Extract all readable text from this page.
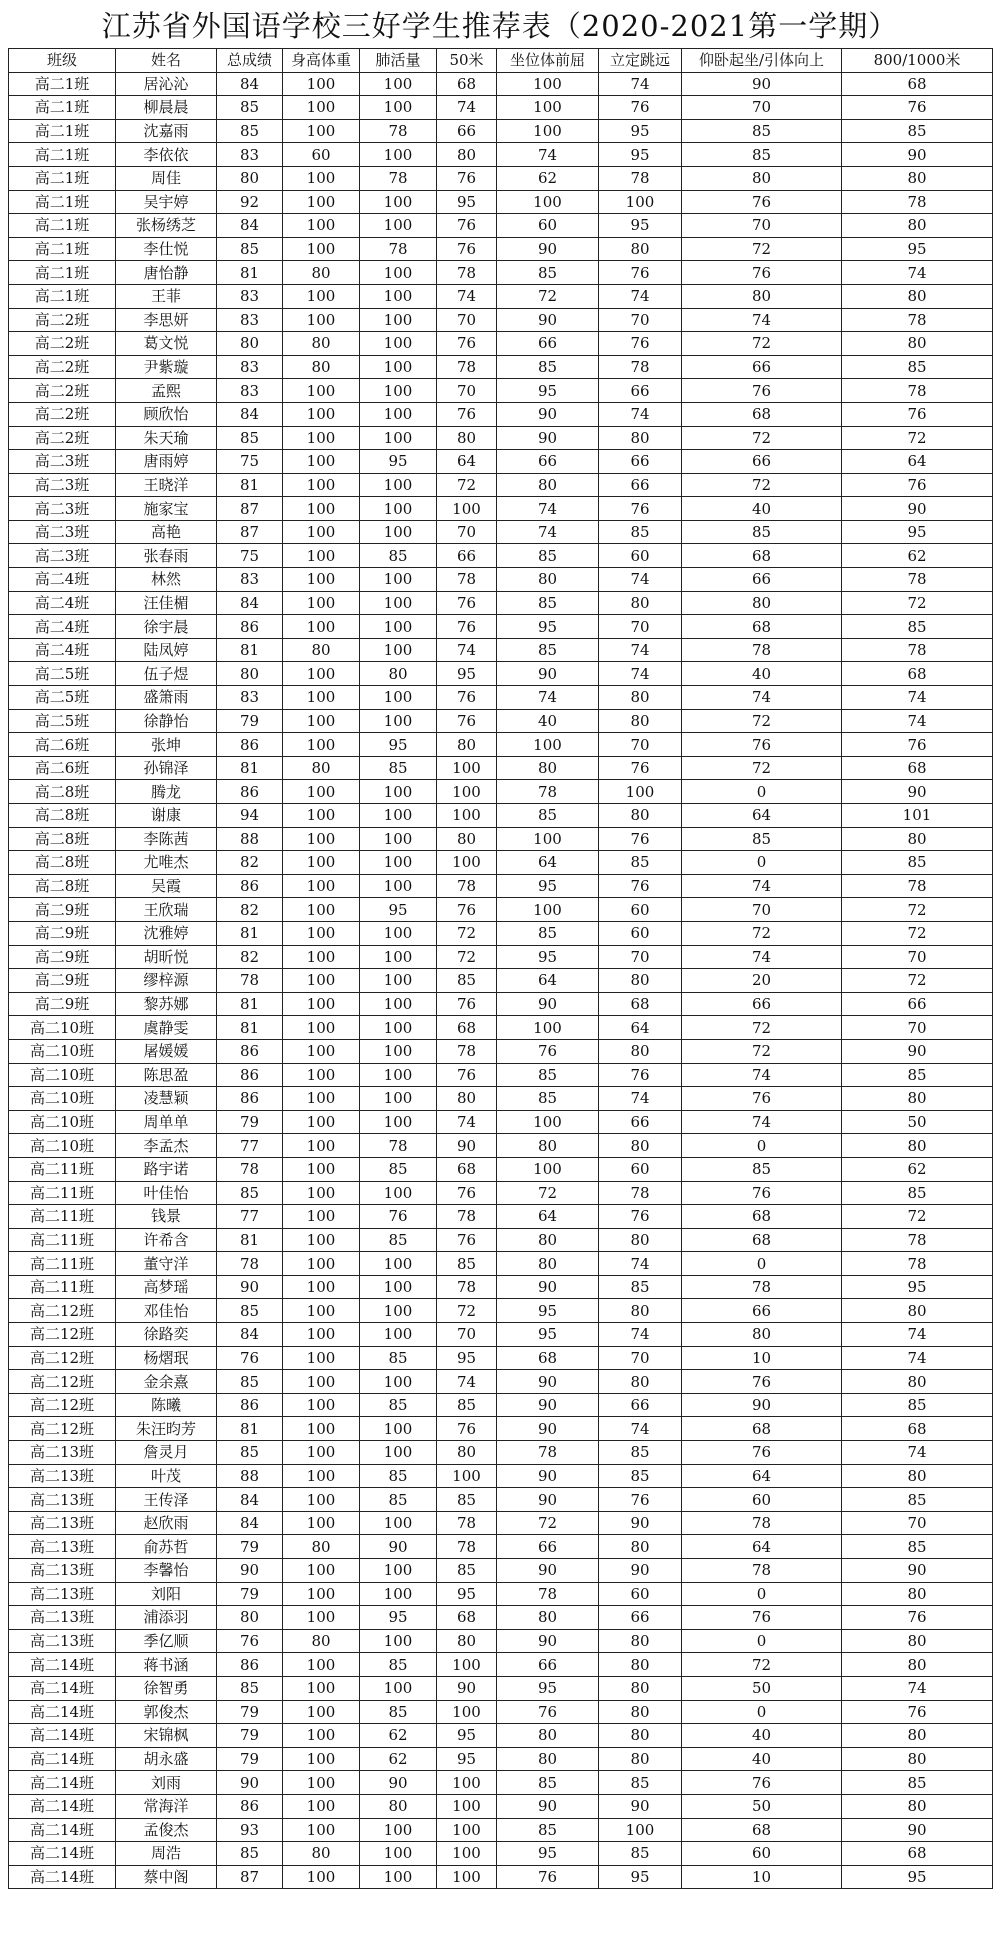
江苏省外国语学校三好学生推荐表（2020-2021第一学期）
班级	姓名	总成绩	身高体重	肺活量	50米	坐位体前屈	立定跳远	仰卧起坐/引体向上	800/1000米
高二1班	居沁沁	84	100	100	68	100	74	90	68
高二1班	柳晨晨	85	100	100	74	100	76	70	76
高二1班	沈嘉雨	85	100	78	66	100	95	85	85
高二1班	李依依	83	60	100	80	74	95	85	90
高二1班	周佳	80	100	78	76	62	78	80	80
高二1班	吴宇婷	92	100	100	95	100	100	76	78
高二1班	张杨绣芝	84	100	100	76	60	95	70	80
高二1班	李仕悦	85	100	78	76	90	80	72	95
高二1班	唐怡静	81	80	100	78	85	76	76	74
高二1班	王菲	83	100	100	74	72	74	80	80
高二2班	李思妍	83	100	100	70	90	70	74	78
高二2班	葛文悦	80	80	100	76	66	76	72	80
高二2班	尹紫璇	83	80	100	78	85	78	66	85
高二2班	孟熙	83	100	100	70	95	66	76	78
高二2班	顾欣怡	84	100	100	76	90	74	68	76
高二2班	朱天瑜	85	100	100	80	90	80	72	72
高二3班	唐雨婷	75	100	95	64	66	66	66	64
高二3班	王晓洋	81	100	100	72	80	66	72	76
高二3班	施家宝	87	100	100	100	74	76	40	90
高二3班	高艳	87	100	100	70	74	85	85	95
高二3班	张春雨	75	100	85	66	85	60	68	62
高二4班	林然	83	100	100	78	80	74	66	78
高二4班	汪佳楣	84	100	100	76	85	80	80	72
高二4班	徐宇晨	86	100	100	76	95	70	68	85
高二4班	陆凤婷	81	80	100	74	85	74	78	78
高二5班	伍子煜	80	100	80	95	90	74	40	68
高二5班	盛箫雨	83	100	100	76	74	80	74	74
高二5班	徐静怡	79	100	100	76	40	80	72	74
高二6班	张坤	86	100	95	80	100	70	76	76
高二6班	孙锦泽	81	80	85	100	80	76	72	68
高二8班	腾龙	86	100	100	100	78	100	0	90
高二8班	谢康	94	100	100	100	85	80	64	101
高二8班	李陈茜	88	100	100	80	100	76	85	80
高二8班	尤唯杰	82	100	100	100	64	85	0	85
高二8班	吴霞	86	100	100	78	95	76	74	78
高二9班	王欣瑞	82	100	95	76	100	60	70	72
高二9班	沈雅婷	81	100	100	72	85	60	72	72
高二9班	胡昕悦	82	100	100	72	95	70	74	70
高二9班	缪梓源	78	100	100	85	64	80	20	72
高二9班	黎苏娜	81	100	100	76	90	68	66	66
高二10班	虞静雯	81	100	100	68	100	64	72	70
高二10班	屠媛媛	86	100	100	78	76	80	72	90
高二10班	陈思盈	86	100	100	76	85	76	74	85
高二10班	凌慧颖	86	100	100	80	85	74	76	80
高二10班	周单单	79	100	100	74	100	66	74	50
高二10班	李孟杰	77	100	78	90	80	80	0	80
高二11班	路宇诺	78	100	85	68	100	60	85	62
高二11班	叶佳怡	85	100	100	76	72	78	76	85
高二11班	钱景	77	100	76	78	64	76	68	72
高二11班	许希含	81	100	85	76	80	80	68	78
高二11班	董守洋	78	100	100	85	80	74	0	78
高二11班	高梦瑶	90	100	100	78	90	85	78	95
高二12班	邓佳怡	85	100	100	72	95	80	66	80
高二12班	徐路奕	84	100	100	70	95	74	80	74
高二12班	杨熠珉	76	100	85	95	68	70	10	74
高二12班	金余熹	85	100	100	74	90	80	76	80
高二12班	陈曦	86	100	85	85	90	66	90	85
高二12班	朱汪昀芳	81	100	100	76	90	74	68	68
高二13班	詹灵月	85	100	100	80	78	85	76	74
高二13班	叶茂	88	100	85	100	90	85	64	80
高二13班	王传泽	84	100	85	85	90	76	60	85
高二13班	赵欣雨	84	100	100	78	72	90	78	70
高二13班	俞苏哲	79	80	90	78	66	80	64	85
高二13班	李馨怡	90	100	100	85	90	90	78	90
高二13班	刘阳	79	100	100	95	78	60	0	80
高二13班	浦添羽	80	100	95	68	80	66	76	76
高二13班	季亿顺	76	80	100	80	90	80	0	80
高二14班	蒋书涵	86	100	85	100	66	80	72	80
高二14班	徐智勇	85	100	100	90	95	80	50	74
高二14班	郭俊杰	79	100	85	100	76	80	0	76
高二14班	宋锦枫	79	100	62	95	80	80	40	80
高二14班	胡永盛	79	100	62	95	80	80	40	80
高二14班	刘雨	90	100	90	100	85	85	76	85
高二14班	常海洋	86	100	80	100	90	90	50	80
高二14班	孟俊杰	93	100	100	100	85	100	68	90
高二14班	周浩	85	80	100	100	95	85	60	68
高二14班	蔡中阁	87	100	100	100	76	95	10	95
